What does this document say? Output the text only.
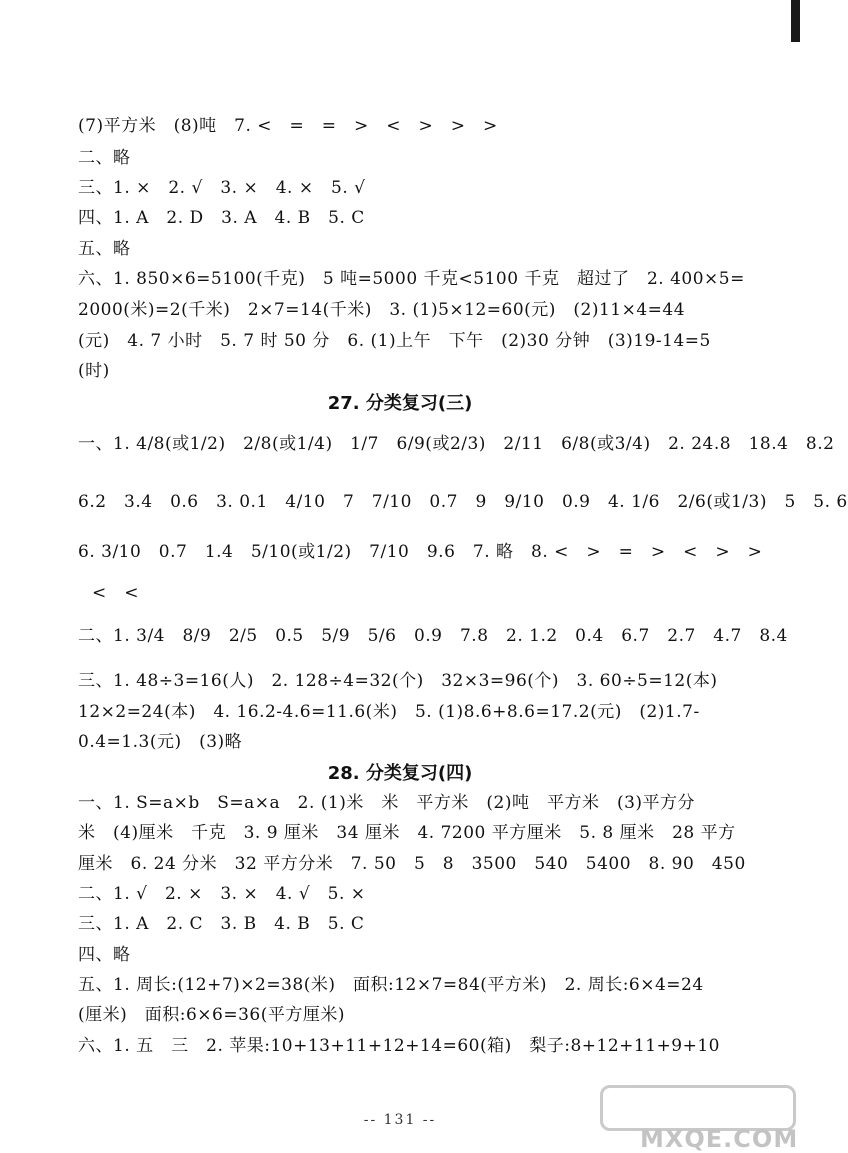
(7)平方米　(8)吨　7. <　=　=　>　<　>　>　>
二、略
三、1. ×　2. √　3. ×　4. ×　5. √
四、1. A　2. D　3. A　4. B　5. C
五、略
六、1. 850×6=5100(千克)　5 吨=5000 千克<5100 千克　超过了　2. 400×5=
2000(米)=2(千米)　2×7=14(千米)　3. (1)5×12=60(元)　(2)11×4=44
(元)　4. 7 小时　5. 7 时 50 分　6. (1)上午　下午　(2)30 分钟　(3)19-14=5
(时)
27. 分类复习(三)
一、1. 4/8(或1/2)　2/8(或1/4)　1/7　6/9(或2/3)　2/11　6/8(或3/4)　2. 24.8　18.4　8.2
6.2　3.4　0.6　3. 0.1　4/10　7　7/10　0.7　9　9/10　0.9　4. 1/6　2/6(或1/3)　5　5. 6
6. 3/10　0.7　1.4　5/10(或1/2)　7/10　9.6　7. 略　8. <　>　=　>　<　>　>
<　<
二、1. 3/4　8/9　2/5　0.5　5/9　5/6　0.9　7.8　2. 1.2　0.4　6.7　2.7　4.7　8.4
三、1. 48÷3=16(人)　2. 128÷4=32(个)　32×3=96(个)　3. 60÷5=12(本)
12×2=24(本)　4. 16.2-4.6=11.6(米)　5. (1)8.6+8.6=17.2(元)　(2)1.7-
0.4=1.3(元)　(3)略
28. 分类复习(四)
一、1. S=a×b　S=a×a　2. (1)米　米　平方米　(2)吨　平方米　(3)平方分
米　(4)厘米　千克　3. 9 厘米　34 厘米　4. 7200 平方厘米　5. 8 厘米　28 平方
厘米　6. 24 分米　32 平方分米　7. 50　5　8　3500　540　5400　8. 90　450
二、1. √　2. ×　3. ×　4. √　5. ×
三、1. A　2. C　3. B　4. B　5. C
四、略
五、1. 周长:(12+7)×2=38(米)　面积:12×7=84(平方米)　2. 周长:6×4=24
(厘米)　面积:6×6=36(平方厘米)
六、1. 五　三　2. 苹果:10+13+11+12+14=60(箱)　梨子:8+12+11+9+10
-- 131 --
MXQE.COM
